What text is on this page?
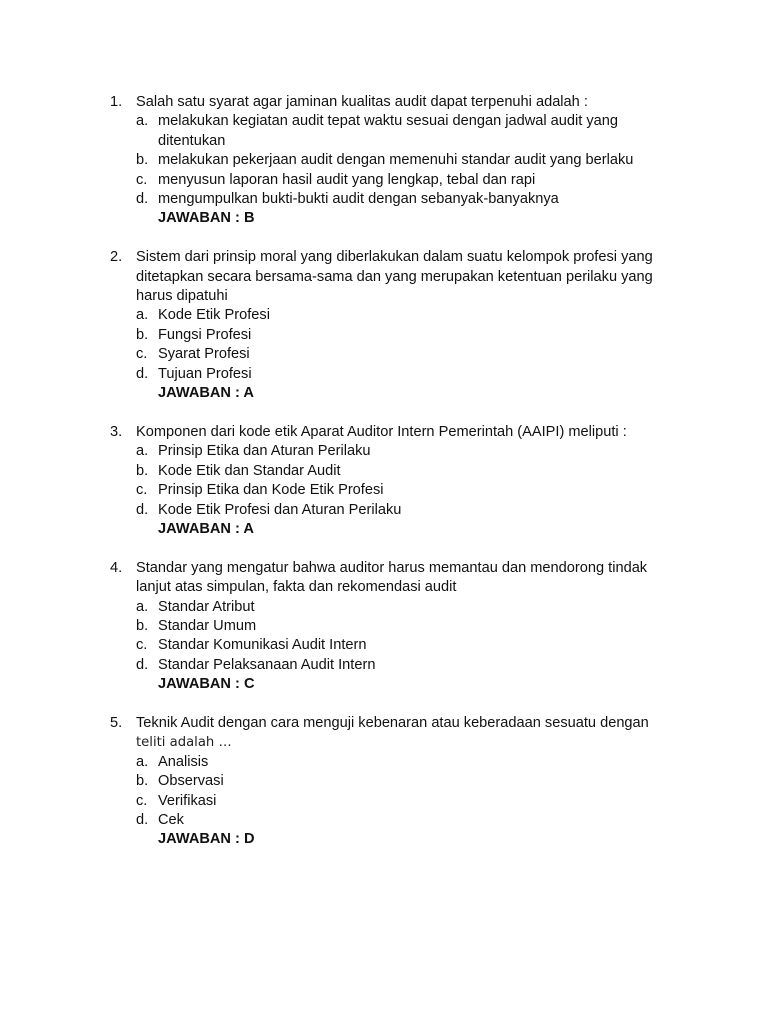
1. Salah satu syarat agar jaminan kualitas audit dapat terpenuhi adalah :
a. melakukan kegiatan audit tepat waktu sesuai dengan jadwal audit yang ditentukan
b. melakukan pekerjaan audit dengan memenuhi standar audit yang berlaku
c. menyusun laporan hasil audit yang lengkap, tebal dan rapi
d. mengumpulkan bukti-bukti audit dengan sebanyak-banyaknya
JAWABAN : B
2. Sistem dari prinsip moral yang diberlakukan dalam suatu kelompok profesi yang ditetapkan secara bersama-sama dan yang merupakan ketentuan perilaku yang harus dipatuhi
a. Kode Etik Profesi
b. Fungsi Profesi
c. Syarat Profesi
d. Tujuan Profesi
JAWABAN : A
3. Komponen dari kode etik Aparat Auditor Intern Pemerintah (AAIPI) meliputi :
a. Prinsip Etika dan Aturan Perilaku
b. Kode Etik dan Standar Audit
c. Prinsip Etika dan Kode Etik Profesi
d. Kode Etik Profesi dan Aturan Perilaku
JAWABAN : A
4. Standar yang mengatur bahwa auditor harus memantau dan mendorong tindak lanjut atas simpulan, fakta dan rekomendasi audit
a. Standar Atribut
b. Standar Umum
c. Standar Komunikasi Audit Intern
d. Standar Pelaksanaan Audit Intern
JAWABAN : C
5. Teknik Audit dengan cara menguji kebenaran atau keberadaan sesuatu dengan teliti adalah …
a. Analisis
b. Observasi
c. Verifikasi
d. Cek
JAWABAN : D
